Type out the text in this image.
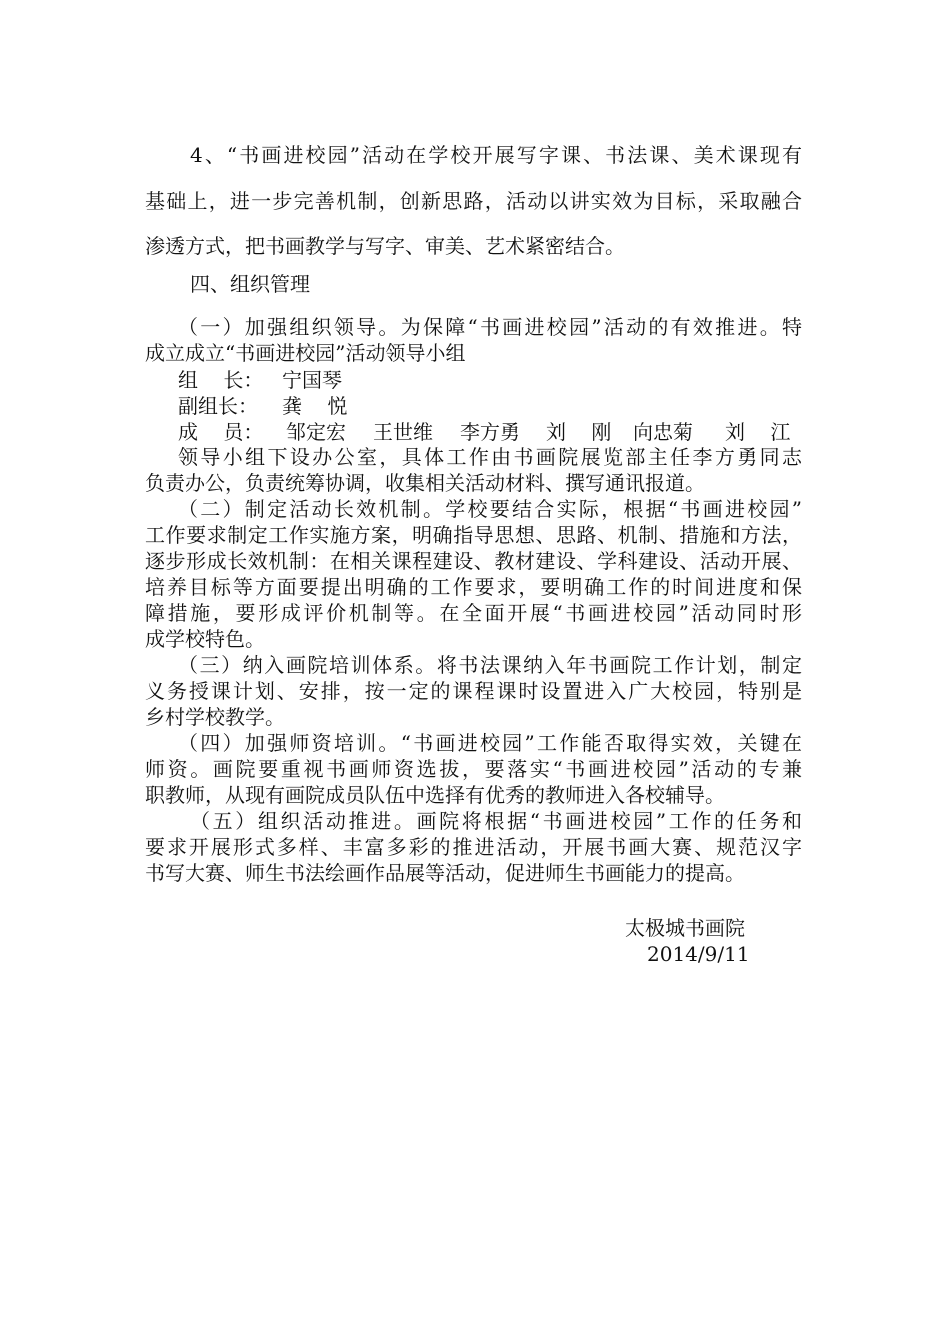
4、“书画进校园”活动在学校开展写字课、书法课、美术课现有
基础上，进一步完善机制，创新思路，活动以讲实效为目标，采取融合
渗透方式，把书画教学与写字、审美、艺术紧密结合。
四、组织管理
（一）加强组织领导。为保障“书画进校园”活动的有效推进。特
成立成立“书画进校园”活动领导小组
组    长： 宁国琴
副组长： 龚    悦
成    员： 邹定宏 王世维 李方勇 刘    刚 向忠菊 刘    江
领导小组下设办公室，具体工作由书画院展览部主任李方勇同志
负责办公，负责统筹协调，收集相关活动材料、撰写通讯报道。
（二）制定活动长效机制。学校要结合实际，根据“书画进校园”
工作要求制定工作实施方案，明确指导思想、思路、机制、措施和方法，
逐步形成长效机制：在相关课程建设、教材建设、学科建设、活动开展、
培养目标等方面要提出明确的工作要求，要明确工作的时间进度和保
障措施，要形成评价机制等。在全面开展“书画进校园”活动同时形
成学校特色。
（三）纳入画院培训体系。将书法课纳入年书画院工作计划，制定
义务授课计划、安排，按一定的课程课时设置进入广大校园，特别是
乡村学校教学。
（四）加强师资培训。“书画进校园”工作能否取得实效，关键在
师资。画院要重视书画师资选拔，要落实“书画进校园”活动的专兼
职教师，从现有画院成员队伍中选择有优秀的教师进入各校辅导。
（五）组织活动推进。画院将根据“书画进校园”工作的任务和
要求开展形式多样、丰富多彩的推进活动，开展书画大赛、规范汉字
书写大赛、师生书法绘画作品展等活动，促进师生书画能力的提高。
太极城书画院
2014/9/11
